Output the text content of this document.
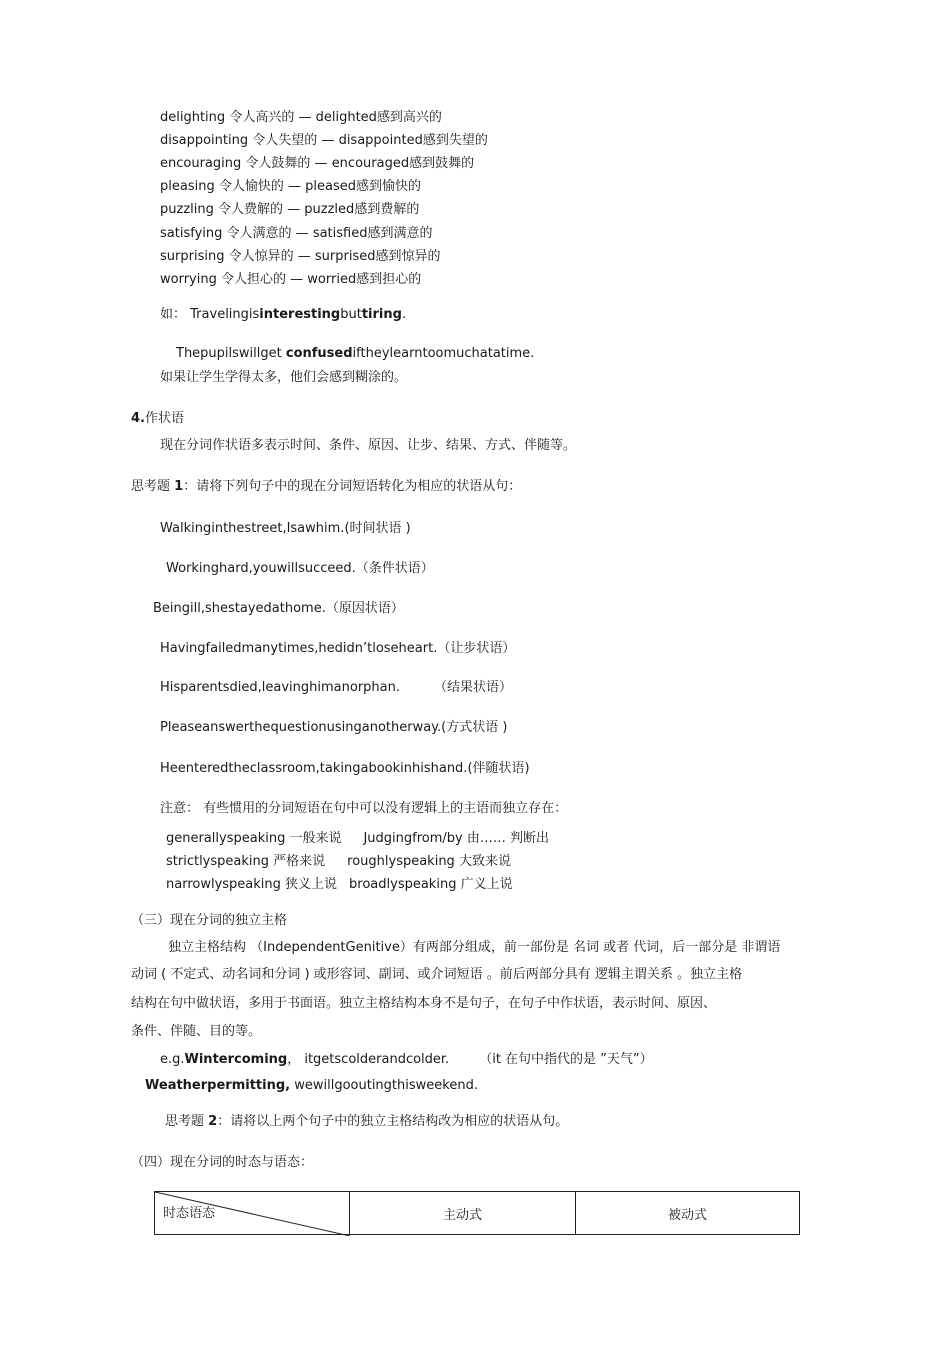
delighting 令人高兴的 — delighted感到高兴的
disappointing 令人失望的 — disappointed感到失望的
encouraging 令人鼓舞的 — encouraged感到鼓舞的
pleasing 令人愉快的 — pleased感到愉快的
puzzling 令人费解的 — puzzled感到费解的
satisfying 令人满意的 — satisfied感到满意的
surprising 令人惊异的 — surprised感到惊异的
worrying 令人担心的 — worried感到担心的
如： Travelingisinterestingbuttiring.
Thepupilswillget confusediftheylearntoomuchatatime.
如果让学生学得太多，他们会感到糊涂的。
4.作状语
现在分词作状语多表示时间、条件、原因、让步、结果、方式、伴随等。
思考题 1：请将下列句子中的现在分词短语转化为相应的状语从句：
Walkinginthestreet,Isawhim.(时间状语 )
Workinghard,youwillsucceed.（条件状语）
Beingill,shestayedathome.（原因状语）
Havingfailedmanytimes,hedidn’tloseheart.（让步状语）
Hisparentsdied,leavinghimanorphan.	（结果状语）
Pleaseanswerthequestionusinganotherway.(方式状语 )
Heenteredtheclassroom,takingabookinhishand.(伴随状语)
注意： 有些惯用的分词短语在句中可以没有逻辑上的主语而独立存在：
generallyspeaking 一般来说 Judgingfrom/by 由…… 判断出
strictlyspeaking 严格来说 roughlyspeaking 大致来说
narrowlyspeaking 狭义上说 broadlyspeaking 广义上说
（三）现在分词的独立主格
独立主格结构 （IndependentGenitive）有两部分组成，前一部份是 名词 或者 代词，后一部分是 非谓语
动词 ( 不定式、动名词和分词 ) 或形容词、副词、或介词短语 。前后两部分具有 逻辑主谓关系 。独立主格
结构在句中做状语，多用于书面语。独立主格结构本身不是句子，在句子中作状语，表示时间、原因、
条件、伴随、目的等。
e.g.Wintercoming， itgetscolderandcolder. （it 在句中指代的是 ”天气”）
Weatherpermitting, wewillgooutingthisweekend.
思考题 2：请将以上两个句子中的独立主格结构改为相应的状语从句。
（四）现在分词的时态与语态：
时态语态	主动式	被动式
